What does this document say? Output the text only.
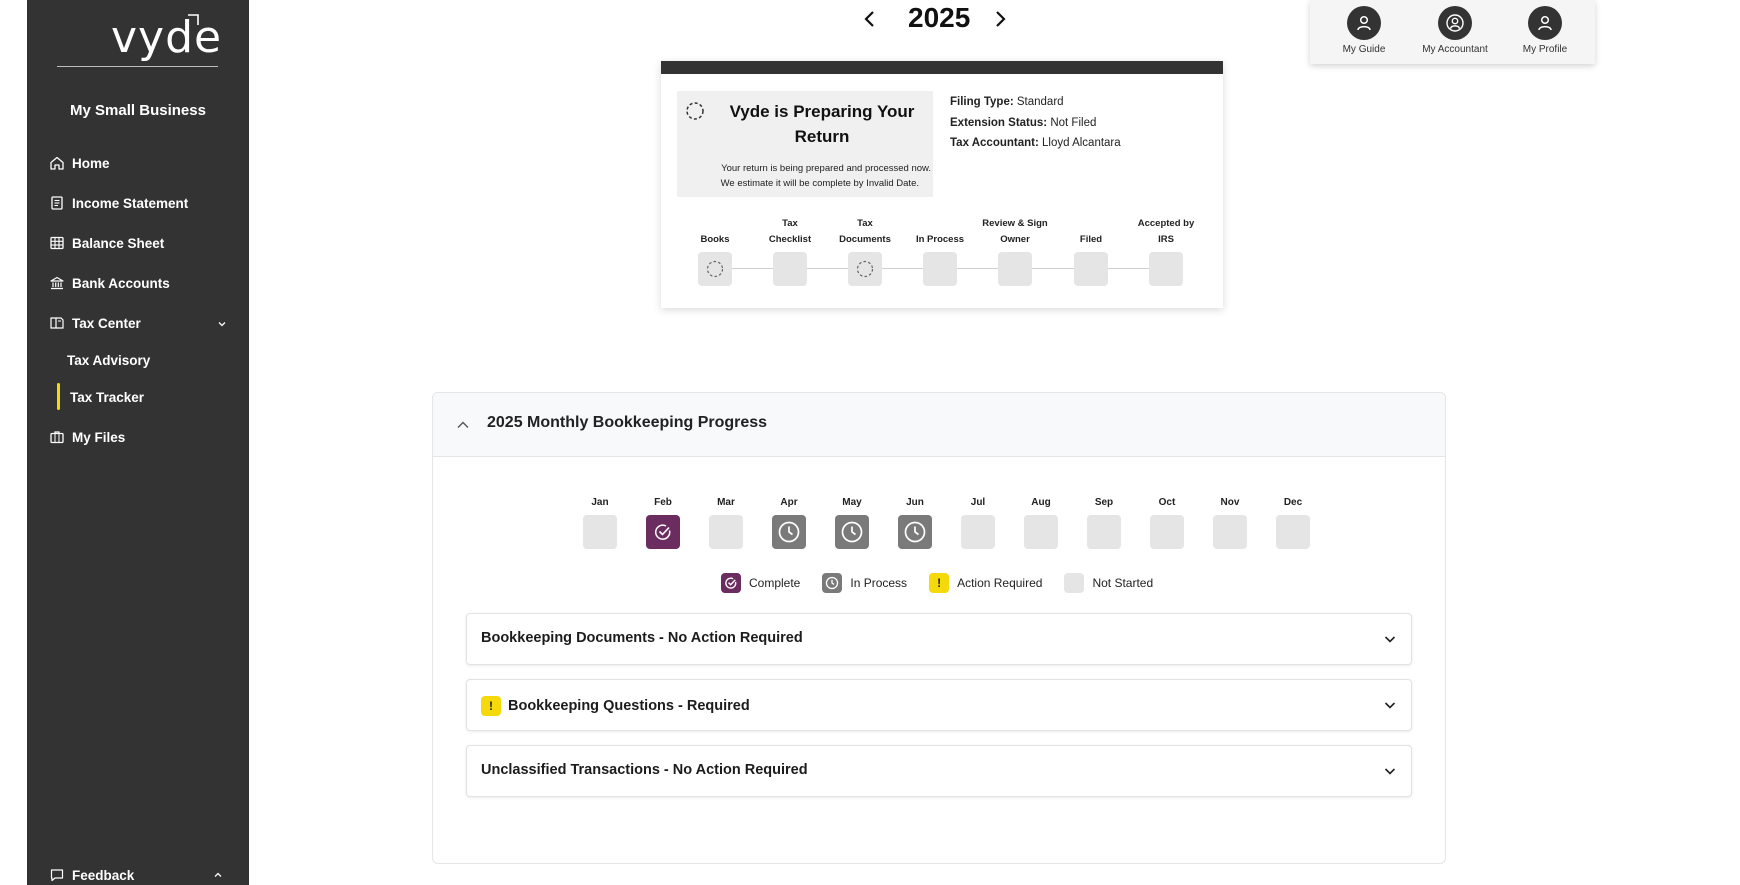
vyde
My Small Business
Home
Income Statement
Balance Sheet
Bank Accounts
Tax Center
Tax Advisory
Tax Tracker
My Files
Feedback
2025
My Guide	My Accountant	My Profile
Vyde is Preparing Your Return
Your return is being prepared and processed now.
We estimate it will be complete by Invalid Date.
Filing Type: Standard
Extension Status: Not Filed
Tax Accountant: Lloyd Alcantara
Books
Tax
Checklist
Tax
Documents	In Process
Review & Sign
Owner	Filed
Accepted by
IRS
2025 Monthly Bookkeeping Progress
Jan	Feb	Mar	Apr	May	Jun	Jul	Aug	Sep	Oct	Nov	Dec
Complete	In Process	!	Action Required	Not Started
Bookkeeping Documents - No Action Required
!	Bookkeeping Questions - Required
Unclassified Transactions - No Action Required
